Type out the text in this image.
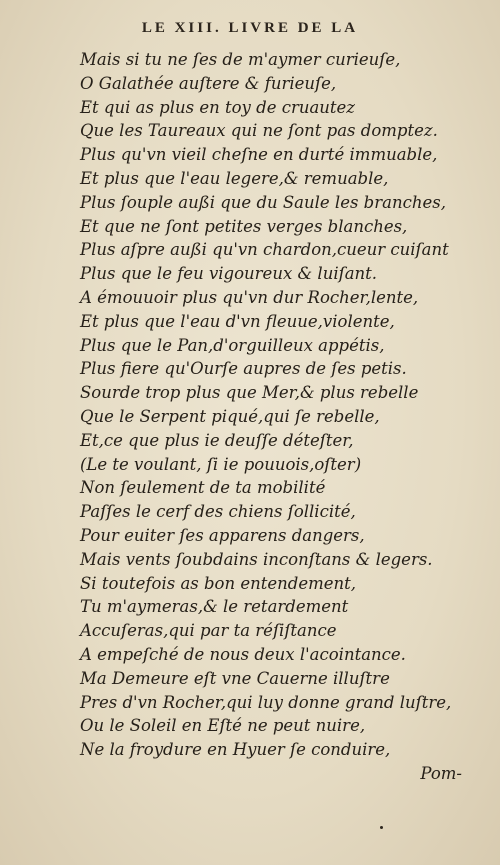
LE XIII. LIVRE DE LA
Mais si tu ne ſes de m'aymer curieuſe,
O Galathée auſtere & furieuſe,
Et qui as plus en toy de cruautez
Que les Taureaux qui ne ſont pas domptez.
Plus qu'vn vieil cheſne en durté immuable,
Et plus que l'eau legere,& remuable,
Plus ſouple außi que du Saule les branches,
Et que ne ſont petites verges blanches,
Plus aſpre außi qu'vn chardon,cueur cuiſant
Plus que le feu vigoureux & luiſant.
A émouuoir plus qu'vn dur Rocher,lente,
Et plus que l'eau d'vn fleuue,violente,
Plus que le Pan,d'orguilleux appétis,
Plus fiere qu'Ourſe aupres de ſes petis.
Sourde trop plus que Mer,& plus rebelle
Que le Serpent piqué,qui ſe rebelle,
Et,ce que plus ie deuſſe déteſter,
(Le te voulant, ſi ie pouuois,oſter)
Non ſeulement de ta mobilité
Paſſes le cerf des chiens ſollicité,
Pour euiter ſes apparens dangers,
Mais vents ſoubdains inconſtans & legers.
Si toutefois as bon entendement,
Tu m'aymeras,& le retardement
Accuſeras,qui par ta réſiſtance
A empeſché de nous deux l'acointance.
Ma Demeure eſt vne Cauerne illuſtre
Pres d'vn Rocher,qui luy donne grand luſtre,
Ou le Soleil en Eſté ne peut nuire,
Ne la froydure en Hyuer ſe conduire,
Pom-
